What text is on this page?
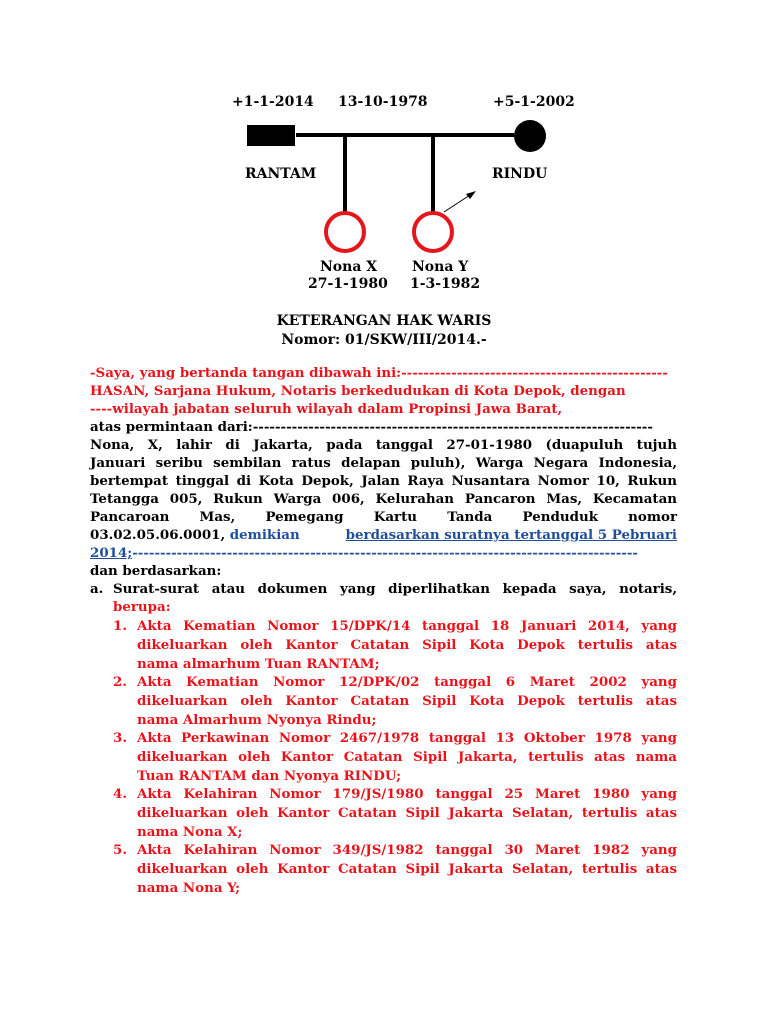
+1-1-2014 13-10-1978	+5-1-2002
RANTAM	RINDU
Nona X
27-1-1980
Nona Y
1-3-1982
KETERANGAN HAK WARIS
Nomor: 01/SKW/III/2014.-
-Saya, yang bertanda tangan dibawah ini:------------------------------------------------
HASAN, Sarjana Hukum, Notaris berkedudukan di Kota Depok, dengan
----wilayah jabatan seluruh wilayah dalam Propinsi Jawa Barat,
atas permintaan dari:------------------------------------------------------------------------
Nona, X, lahir di Jakarta, pada tanggal 27-01-1980 (duapuluh tujuh
Januari seribu sembilan ratus delapan puluh), Warga Negara Indonesia,
bertempat tinggal di Kota Depok, Jalan Raya Nusantara Nomor 10, Rukun
Tetangga 005, Rukun Warga 006, Kelurahan Pancaron Mas, Kecamatan
Pancaroan Mas, Pemegang Kartu Tanda Penduduk nomor
03.02.05.06.0001, demikian	berdasarkan suratnya tertanggal 5 Pebruari
2014;-------------------------------------------------------------------------------------------
dan berdasarkan:
a. Surat-surat atau dokumen yang diperlihatkan kepada saya, notaris,
berupa:
1. Akta Kematian Nomor 15/DPK/14 tanggal 18 Januari 2014, yang
dikeluarkan oleh Kantor Catatan Sipil Kota Depok tertulis atas
nama almarhum Tuan RANTAM;
2. Akta Kematian Nomor 12/DPK/02 tanggal 6 Maret 2002 yang
dikeluarkan oleh Kantor Catatan Sipil Kota Depok tertulis atas
nama Almarhum Nyonya Rindu;
3. Akta Perkawinan Nomor 2467/1978 tanggal 13 Oktober 1978 yang
dikeluarkan oleh Kantor Catatan Sipil Jakarta, tertulis atas nama
Tuan RANTAM dan Nyonya RINDU;
4. Akta Kelahiran Nomor 179/JS/1980 tanggal 25 Maret 1980 yang
dikeluarkan oleh Kantor Catatan Sipil Jakarta Selatan, tertulis atas
nama Nona X;
5. Akta Kelahiran Nomor 349/JS/1982 tanggal 30 Maret 1982 yang
dikeluarkan oleh Kantor Catatan Sipil Jakarta Selatan, tertulis atas
nama Nona Y;
